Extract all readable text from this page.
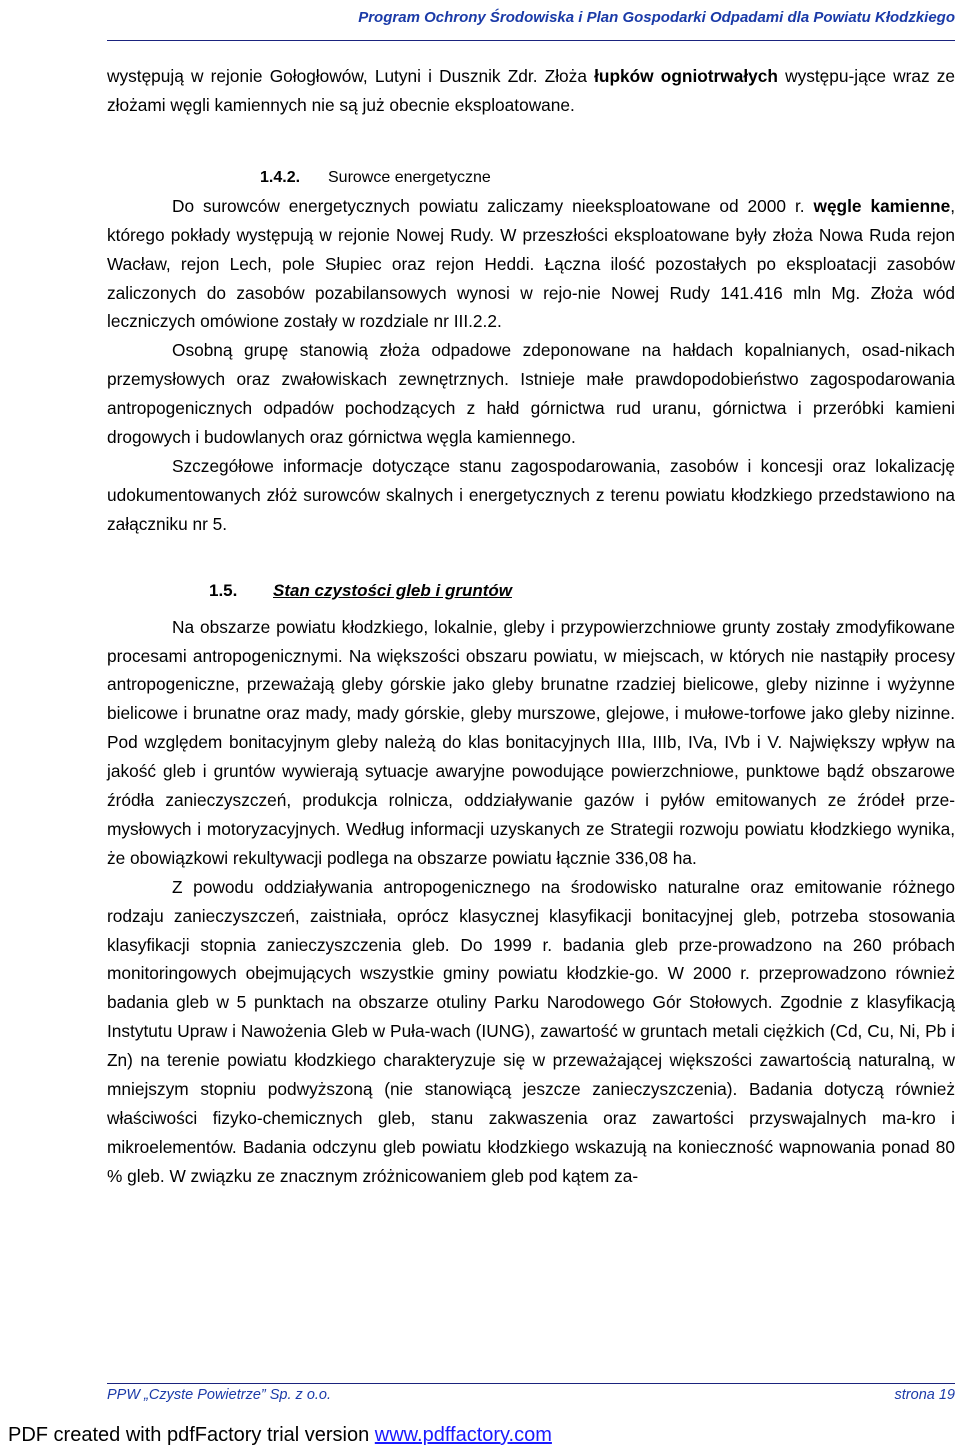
Program Ochrony Środowiska i Plan Gospodarki Odpadami dla Powiatu Kłodzkiego

występują w rejonie Gołogłowów, Lutyni i Dusznik Zdr. Złoża łupków ogniotrwałych występu-jące wraz ze złożami węgli kamiennych nie są już obecnie eksploatowane.

1.4.2. Surowce energetyczne

Do surowców energetycznych powiatu zaliczamy nieeksploatowane od 2000 r. węgle kamienne, którego pokłady występują w rejonie Nowej Rudy. W przeszłości eksploatowane były złoża Nowa Ruda rejon Wacław, rejon Lech, pole Słupiec oraz rejon Heddi. Łączna ilość pozostałych po eksploatacji zasobów zaliczonych do zasobów pozabilansowych wynosi w rejo-nie Nowej Rudy 141.416 mln Mg. Złoża wód leczniczych omówione zostały w rozdziale nr III.2.2.

Osobną grupę stanowią złoża odpadowe zdeponowane na hałdach kopalnianych, osad-nikach przemysłowych oraz zwałowiskach zewnętrznych. Istnieje małe prawdopodobieństwo zagospodarowania antropogenicznych odpadów pochodzących z hałd górnictwa rud uranu, górnictwa i przeróbki kamieni drogowych i budowlanych oraz górnictwa węgla kamiennego.

Szczegółowe informacje dotyczące stanu zagospodarowania, zasobów i koncesji oraz lokalizację udokumentowanych złóż surowców skalnych i energetycznych z terenu powiatu kłodzkiego przedstawiono na załączniku nr 5.

1.5. Stan czystości gleb i gruntów

Na obszarze powiatu kłodzkiego, lokalnie, gleby i przypowierzchniowe grunty zostały zmodyfikowane procesami antropogenicznymi. Na większości obszaru powiatu, w miejscach, w których nie nastąpiły procesy antropogeniczne, przeważają gleby górskie jako gleby brunatne rzadziej bielicowe, gleby nizinne i wyżynne bielicowe i brunatne oraz mady, mady górskie, gleby murszowe, glejowe, i mułowe-torfowe jako gleby nizinne. Pod względem bonitacyjnym gleby należą do klas bonitacyjnych IIIa, IIIb, IVa, IVb i V. Największy wpływ na jakość gleb i gruntów wywierają sytuacje awaryjne powodujące powierzchniowe, punktowe bądź obszarowe źródła zanieczyszczeń, produkcja rolnicza, oddziaływanie gazów i pyłów emitowanych ze źródeł prze-mysłowych i motoryzacyjnych. Według informacji uzyskanych ze Strategii rozwoju powiatu kłodzkiego wynika, że obowiązkowi rekultywacji podlega na obszarze powiatu łącznie 336,08 ha.

Z powodu oddziaływania antropogenicznego na środowisko naturalne oraz emitowanie różnego rodzaju zanieczyszczeń, zaistniała, oprócz klasycznej klasyfikacji bonitacyjnej gleb, potrzeba stosowania klasyfikacji stopnia zanieczyszczenia gleb. Do 1999 r. badania gleb prze-prowadzono na 260 próbach monitoringowych obejmujących wszystkie gminy powiatu kłodzkie-go. W 2000 r. przeprowadzono również badania gleb w 5 punktach na obszarze otuliny Parku Narodowego Gór Stołowych. Zgodnie z klasyfikacją Instytutu Upraw i Nawożenia Gleb w Puła-wach (IUNG), zawartość w gruntach metali ciężkich (Cd, Cu, Ni, Pb i Zn) na terenie powiatu kłodzkiego charakteryzuje się w przeważającej większości zawartością naturalną, w mniejszym stopniu podwyższoną (nie stanowiącą jeszcze zanieczyszczenia). Badania dotyczą również właściwości fizyko-chemicznych gleb, stanu zakwaszenia oraz zawartości przyswajalnych ma-kro i mikroelementów. Badania odczynu gleb powiatu kłodzkiego wskazują na konieczność wapnowania ponad 80 % gleb. W związku ze znacznym zróżnicowaniem gleb pod kątem za-

PPW „Czyste Powietrze” Sp. z o.o.	strona 19
PDF created with pdfFactory trial version www.pdffactory.com
